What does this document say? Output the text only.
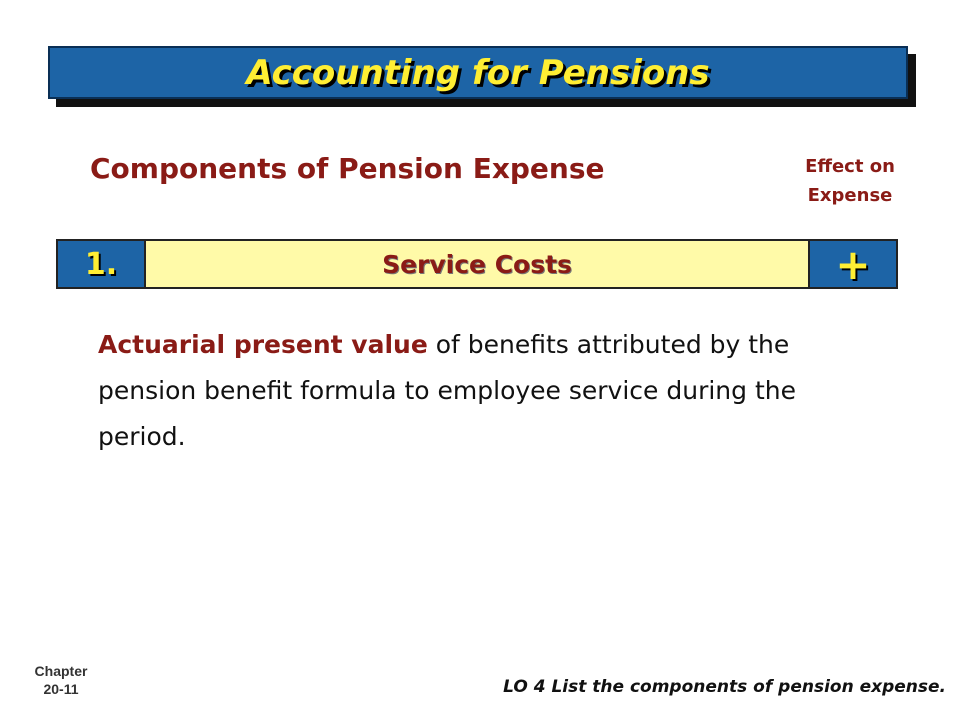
Accounting for Pensions
Components of Pension Expense	Effect on
Expense
1.	Service Costs	+
Actuarial present value of benefits attributed by the pension benefit formula to employee service during the period.
Chapter
20-11	LO 4 List the components of pension expense.
